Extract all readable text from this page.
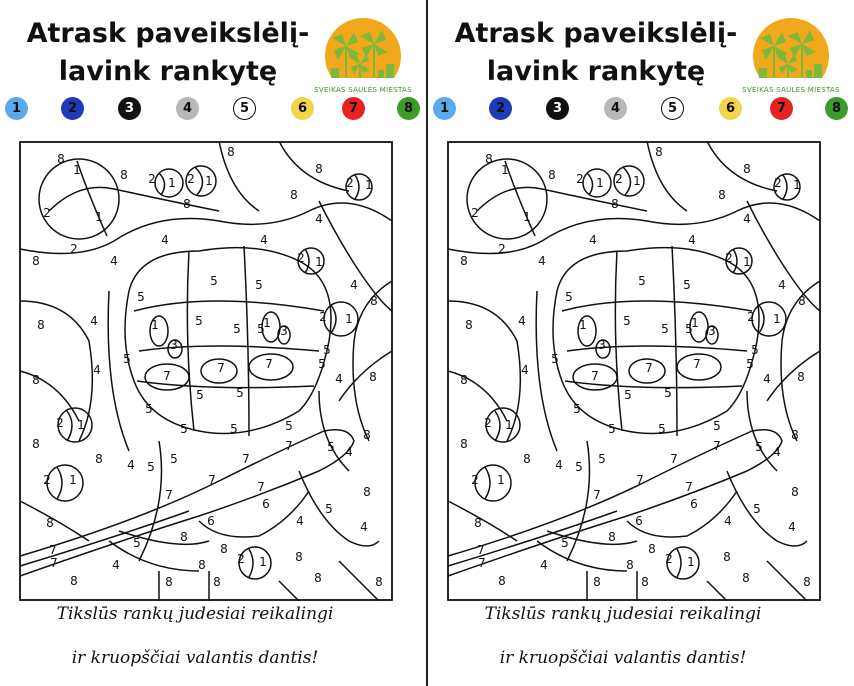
Atrask paveikslėlį-
lavink rankytę
SVEIKAS SAULĖS MIESTAS
1	2	3	4	5	6	7	8
8
8
8
8
2 1 2 1	2 1
1
2	1
2
8
8
4	4
4
2 1
8	4
5	5
5
4
8
8	4	1
3
5
5 5
1
3
2 1
5
5
4	7
7	7	5
8
5	5
4 8
5
2 1
8
5	5	5
8
8 4 5
5	7
7	5 4
2 1	7
7
7	8
5
8	6
6
4	4
5	8
8
2 1
7
7	4	8
8
8	8	8	8	8
Tikslūs rankų judesiai reikalingi
ir kruopščiai valantis dantis!
Atrask paveikslėlį-
lavink rankytę
SVEIKAS SAULĖS MIESTAS
1	2	3	4	5	6	7	8
8
8
8
8
2 1 2 1	2 1
1
2	1
2
8
8
4	4
4
2 1
8	4
5	5
5
4
8
8	4	1
3
5
5 5
1
3
2 1
5
5
4	7
7	7	5
8
5	5
4 8
5
2 1
8
5	5	5
8
8 4 5
5	7
7	5 4
2 1	7
7
7	8
5
8	6
6
4	4
5	8
8
2 1
7
7	4	8
8
8	8	8	8	8
Tikslūs rankų judesiai reikalingi
ir kruopščiai valantis dantis!
